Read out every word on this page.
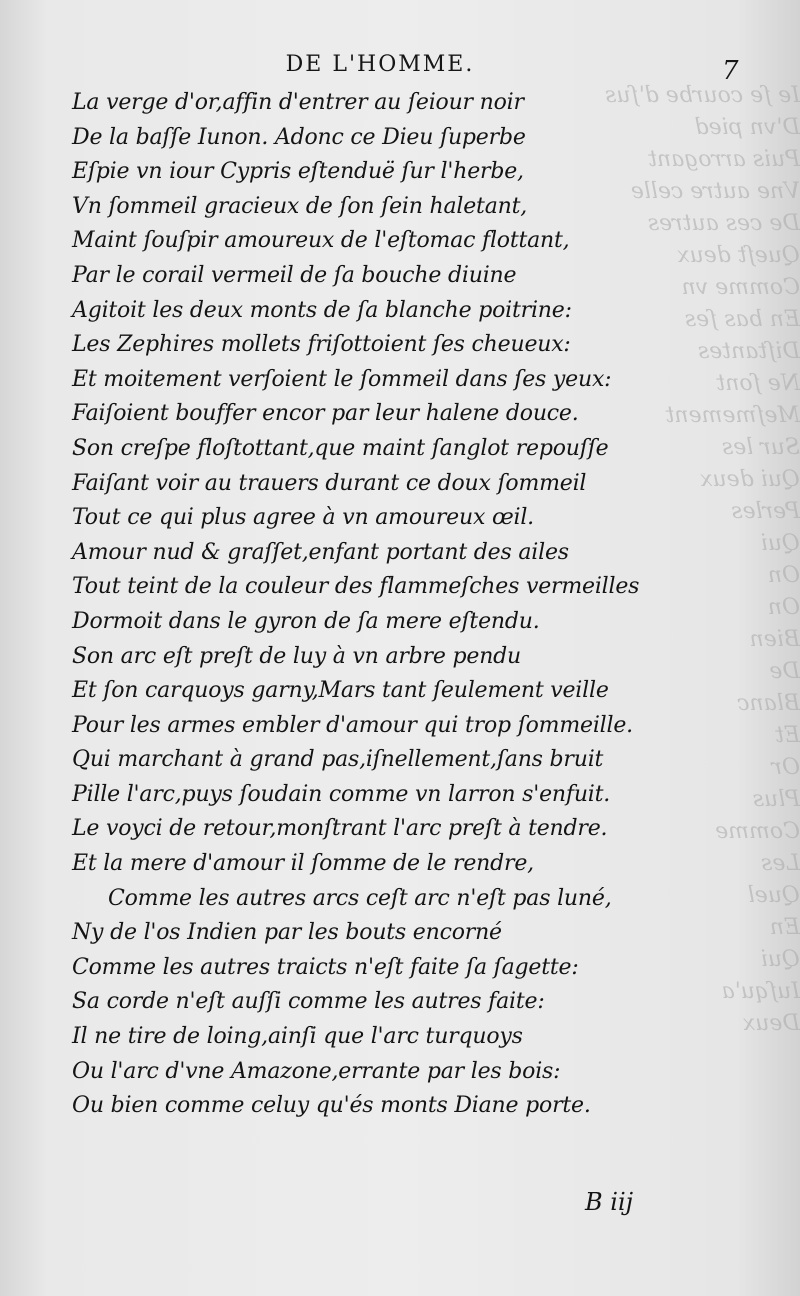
Ie ſe courbe d'ſus
D'vn pied
Puis arrogant
Vne autre celle
De ces autres
Queſt deux
Comme vn
En bas ſes
Diſtantes
Ne ſont
Meſmement
Sur les
Qui deux
Perles
Qui
On
On
Bien
De
Blanc
Et
Or
Plus
Comme
Les
Quel
En
Qui
Iuſqu'a
Deux
DE L'HOMME.	7
La verge d'or,affin d'entrer au ſeiour noir
De la baſſe Iunon. Adonc ce Dieu ſuperbe
Eſpie vn iour Cypris eſtenduë ſur l'herbe,
Vn ſommeil gracieux de ſon ſein haletant,
Maint ſouſpir amoureux de l'eſtomac flottant,
Par le corail vermeil de ſa bouche diuine
Agitoit les deux monts de ſa blanche poitrine:
Les Zephires mollets friſottoient ſes cheueux:
Et moitement verſoient le ſommeil dans ſes yeux:
Faiſoient bouffer encor par leur halene douce.
Son creſpe floſtottant,que maint ſanglot repouſſe
Faiſant voir au trauers durant ce doux ſommeil
Tout ce qui plus agree à vn amoureux œil.
Amour nud & graſſet,enfant portant des ailes
Tout teint de la couleur des flammeſches vermeilles
Dormoit dans le gyron de ſa mere eſtendu.
Son arc eſt preſt de luy à vn arbre pendu
Et ſon carquoys garny,Mars tant ſeulement veille
Pour les armes embler d'amour qui trop ſommeille.
Qui marchant à grand pas,iſnellement,ſans bruit
Pille l'arc,puys ſoudain comme vn larron s'enfuit.
Le voyci de retour,monſtrant l'arc preſt à tendre.
Et la mere d'amour il ſomme de le rendre,
Comme les autres arcs ceſt arc n'eſt pas luné,
Ny de l'os Indien par les bouts encorné
Comme les autres traicts n'eſt faite ſa ſagette:
Sa corde n'eſt auſſi comme les autres faite:
Il ne tire de loing,ainſi que l'arc turquoys
Ou l'arc d'vne Amazone,errante par les bois:
Ou bien comme celuy qu'és monts Diane porte.
B iij
